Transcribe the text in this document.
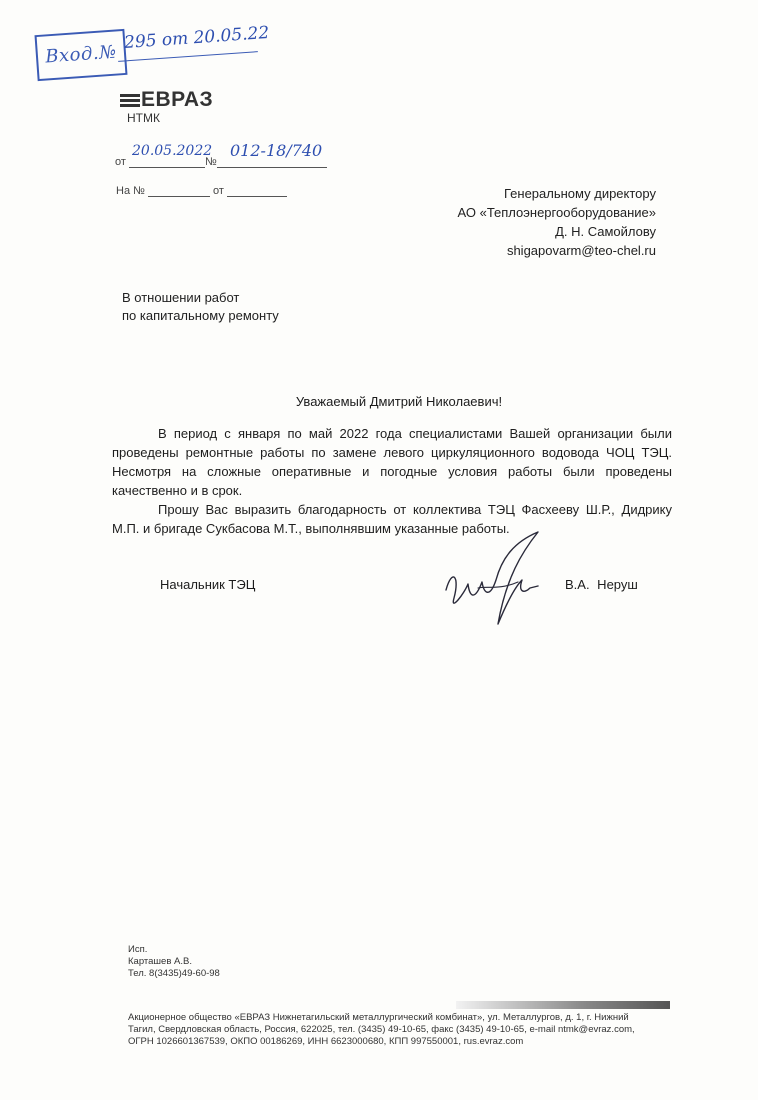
Вход.№
295 от 20.05.22
ЕВРАЗ
НТМК
от	№
20.05.2022 012-18/740
На №	от	Генеральному директору
АО «Теплоэнергооборудование»
Д. Н. Самойлову
shigapovarm@teo-chel.ru
В отношении работ
по капитальному ремонту
Уважаемый Дмитрий Николаевич!

В период с января по май 2022 года специалистами Вашей организации были проведены ремонтные работы по замене левого циркуляционного водовода ЧОЦ ТЭЦ. Несмотря на сложные оперативные и погодные условия работы были проведены качественно и в срок.

Прошу Вас выразить благодарность от коллектива ТЭЦ Фасхееву Ш.Р., Дидрику М.П. и бригаде Сукбасова М.Т., выполнявшим указанные работы.

Начальник ТЭЦ	В.А. Неруш
Исп.
Карташев А.В.
Тел. 8(3435)49-60-98
Акционерное общество «ЕВРАЗ Нижнетагильский металлургический комбинат», ул. Металлургов, д. 1, г. Нижний
Тагил, Свердловская область, Россия, 622025, тел. (3435) 49-10-65, факс (3435) 49-10-65, e-mail ntmk@evraz.com,
ОГРН 1026601367539, ОКПО 00186269, ИНН 6623000680, КПП 997550001, rus.evraz.com
